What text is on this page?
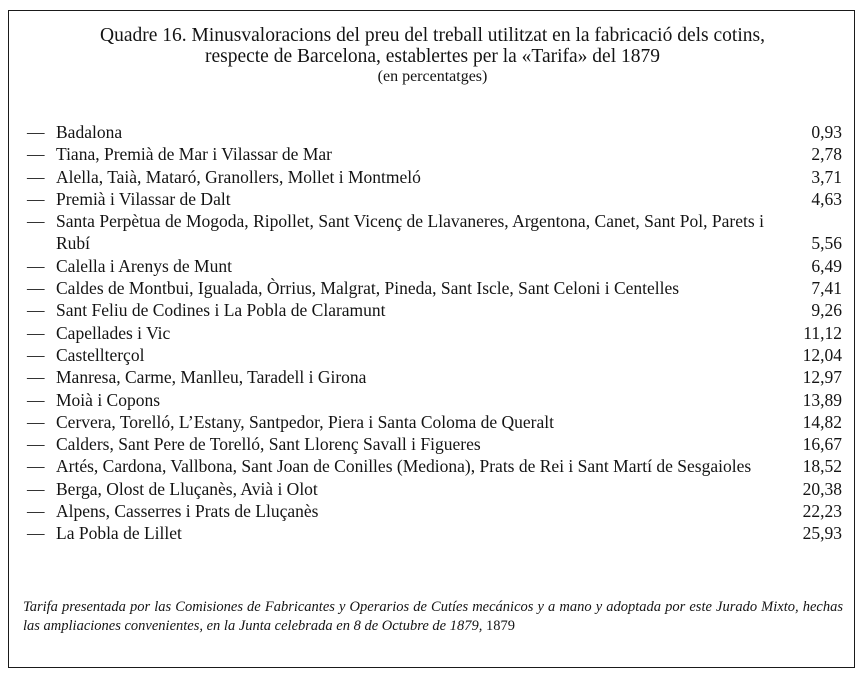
Quadre 16. Minusvaloracions del preu del treball utilitzat en la fabricació dels cotins,
respecte de Barcelona, establertes per la «Tarifa» del 1879
(en percentatges)
— Badalona	0,93
— Tiana, Premià de Mar i Vilassar de Mar	2,78
— Alella, Taià, Mataró, Granollers, Mollet i Montmeló	3,71
— Premià i Vilassar de Dalt	4,63
— Santa Perpètua de Mogoda, Ripollet, Sant Vicenç de Llavaneres, Argentona, Canet, Sant Pol, Parets i Rubí	5,56
— Calella i Arenys de Munt	6,49
— Caldes de Montbui, Igualada, Òrrius, Malgrat, Pineda, Sant Iscle, Sant Celoni i Centelles	7,41
— Sant Feliu de Codines i La Pobla de Claramunt	9,26
— Capellades i Vic	11,12
— Castellterçol	12,04
— Manresa, Carme, Manlleu, Taradell i Girona	12,97
— Moià i Copons	13,89
— Cervera, Torelló, L’Estany, Santpedor, Piera i Santa Coloma de Queralt	14,82
— Calders, Sant Pere de Torelló, Sant Llorenç Savall i Figueres	16,67
— Artés, Cardona, Vallbona, Sant Joan de Conilles (Mediona), Prats de Rei i Sant Martí de Sesgaioles	18,52
— Berga, Olost de Lluçanès, Avià i Olot	20,38
— Alpens, Casserres i Prats de Lluçanès	22,23
— La Pobla de Lillet	25,93
Tarifa presentada por las Comisiones de Fabricantes y Operarios de Cutíes mecánicos y a mano y adoptada por este Jurado Mixto, hechas las ampliaciones convenientes, en la Junta celebrada en 8 de Octubre de 1879, 1879
